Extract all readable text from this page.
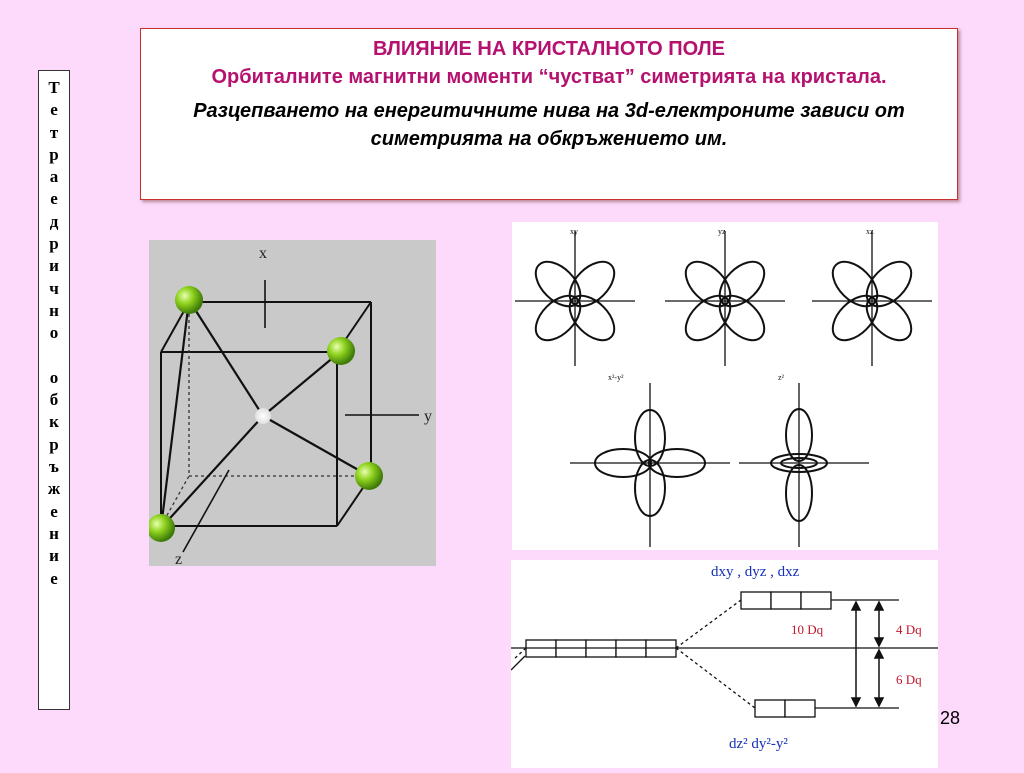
ВЛИЯНИЕ НА КРИСТАЛНОТО ПОЛЕ
Орбиталните магнитни моменти “чустват” симетрията на кристала.
Разцепването на енергитичните нива на 3d-електроните зависи от симетрията на обкръжението им.
Т
е
т
р
а
е
д
р
и
ч
н
о
о
б
к
р
ъ
ж
е
н
и
е
x
y
z
xy	yz	xz
x²-y²	z²
dxy , dyz , dxz
10 Dq	4 Dq
6 Dq
dz² dy²-y²
28
